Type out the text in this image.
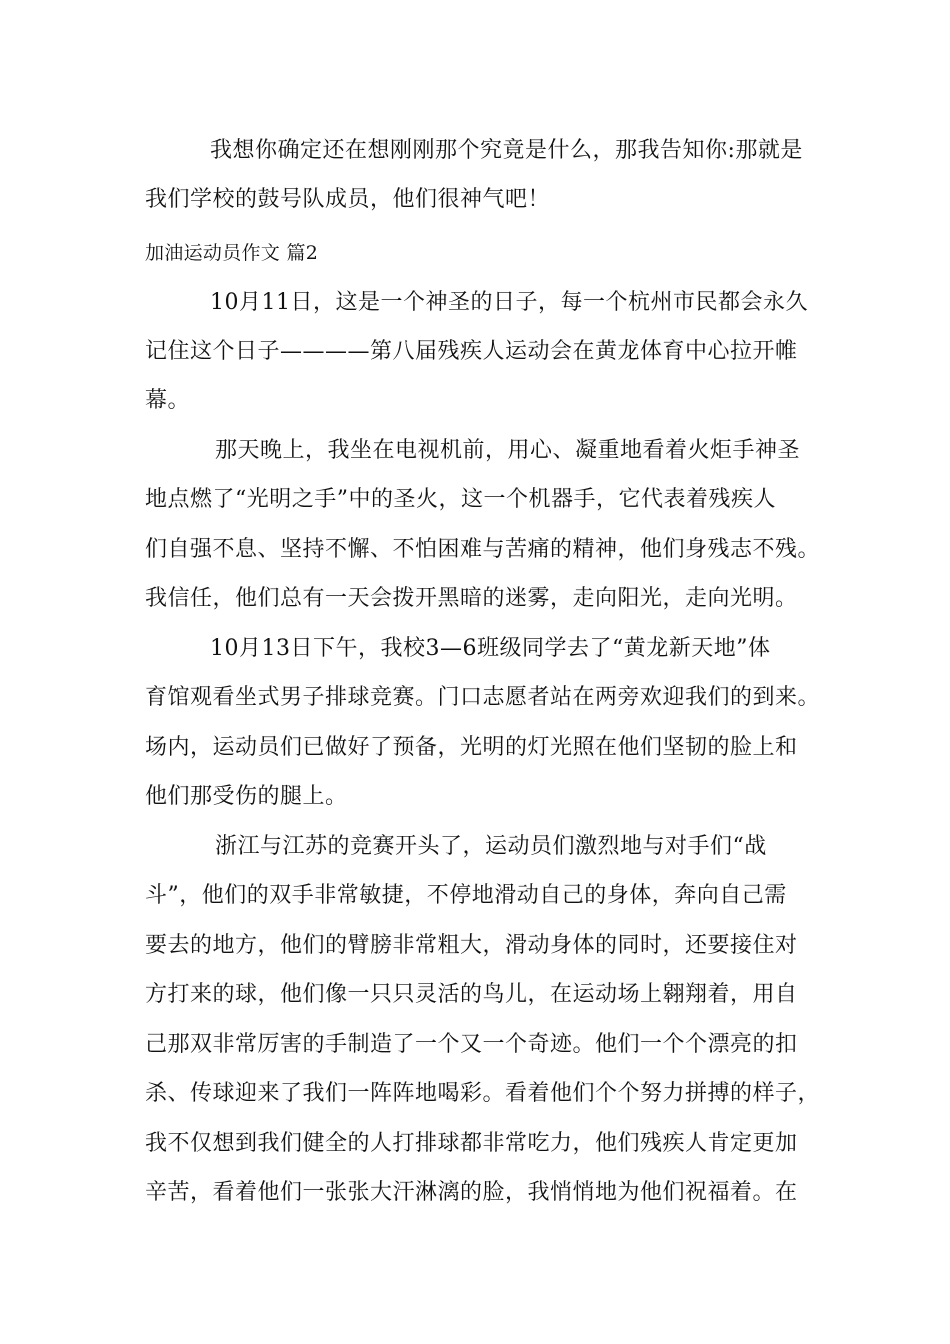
我想你确定还在想刚刚那个究竟是什么，那我告知你:那就是
我们学校的鼓号队成员，他们很神气吧！
加油运动员作文 篇2
10月11日，这是一个神圣的日子，每一个杭州市民都会永久
记住这个日子————第八届残疾人运动会在黄龙体育中心拉开帷
幕。
那天晚上，我坐在电视机前，用心、凝重地看着火炬手神圣
地点燃了“光明之手”中的圣火，这一个机器手，它代表着残疾人
们自强不息、坚持不懈、不怕困难与苦痛的精神，他们身残志不残。
我信任，他们总有一天会拨开黑暗的迷雾，走向阳光，走向光明。
10月13日下午，我校3—6班级同学去了“黄龙新天地”体
育馆观看坐式男子排球竞赛。门口志愿者站在两旁欢迎我们的到来。
场内，运动员们已做好了预备，光明的灯光照在他们坚韧的脸上和
他们那受伤的腿上。
浙江与江苏的竞赛开头了，运动员们激烈地与对手们“战
斗”，他们的双手非常敏捷，不停地滑动自己的身体，奔向自己需
要去的地方，他们的臂膀非常粗大，滑动身体的同时，还要接住对
方打来的球，他们像一只只灵活的鸟儿，在运动场上翱翔着，用自
己那双非常厉害的手制造了一个又一个奇迹。他们一个个漂亮的扣
杀、传球迎来了我们一阵阵地喝彩。看着他们个个努力拼搏的样子，
我不仅想到我们健全的人打排球都非常吃力，他们残疾人肯定更加
辛苦，看着他们一张张大汗淋漓的脸，我悄悄地为他们祝福着。在
